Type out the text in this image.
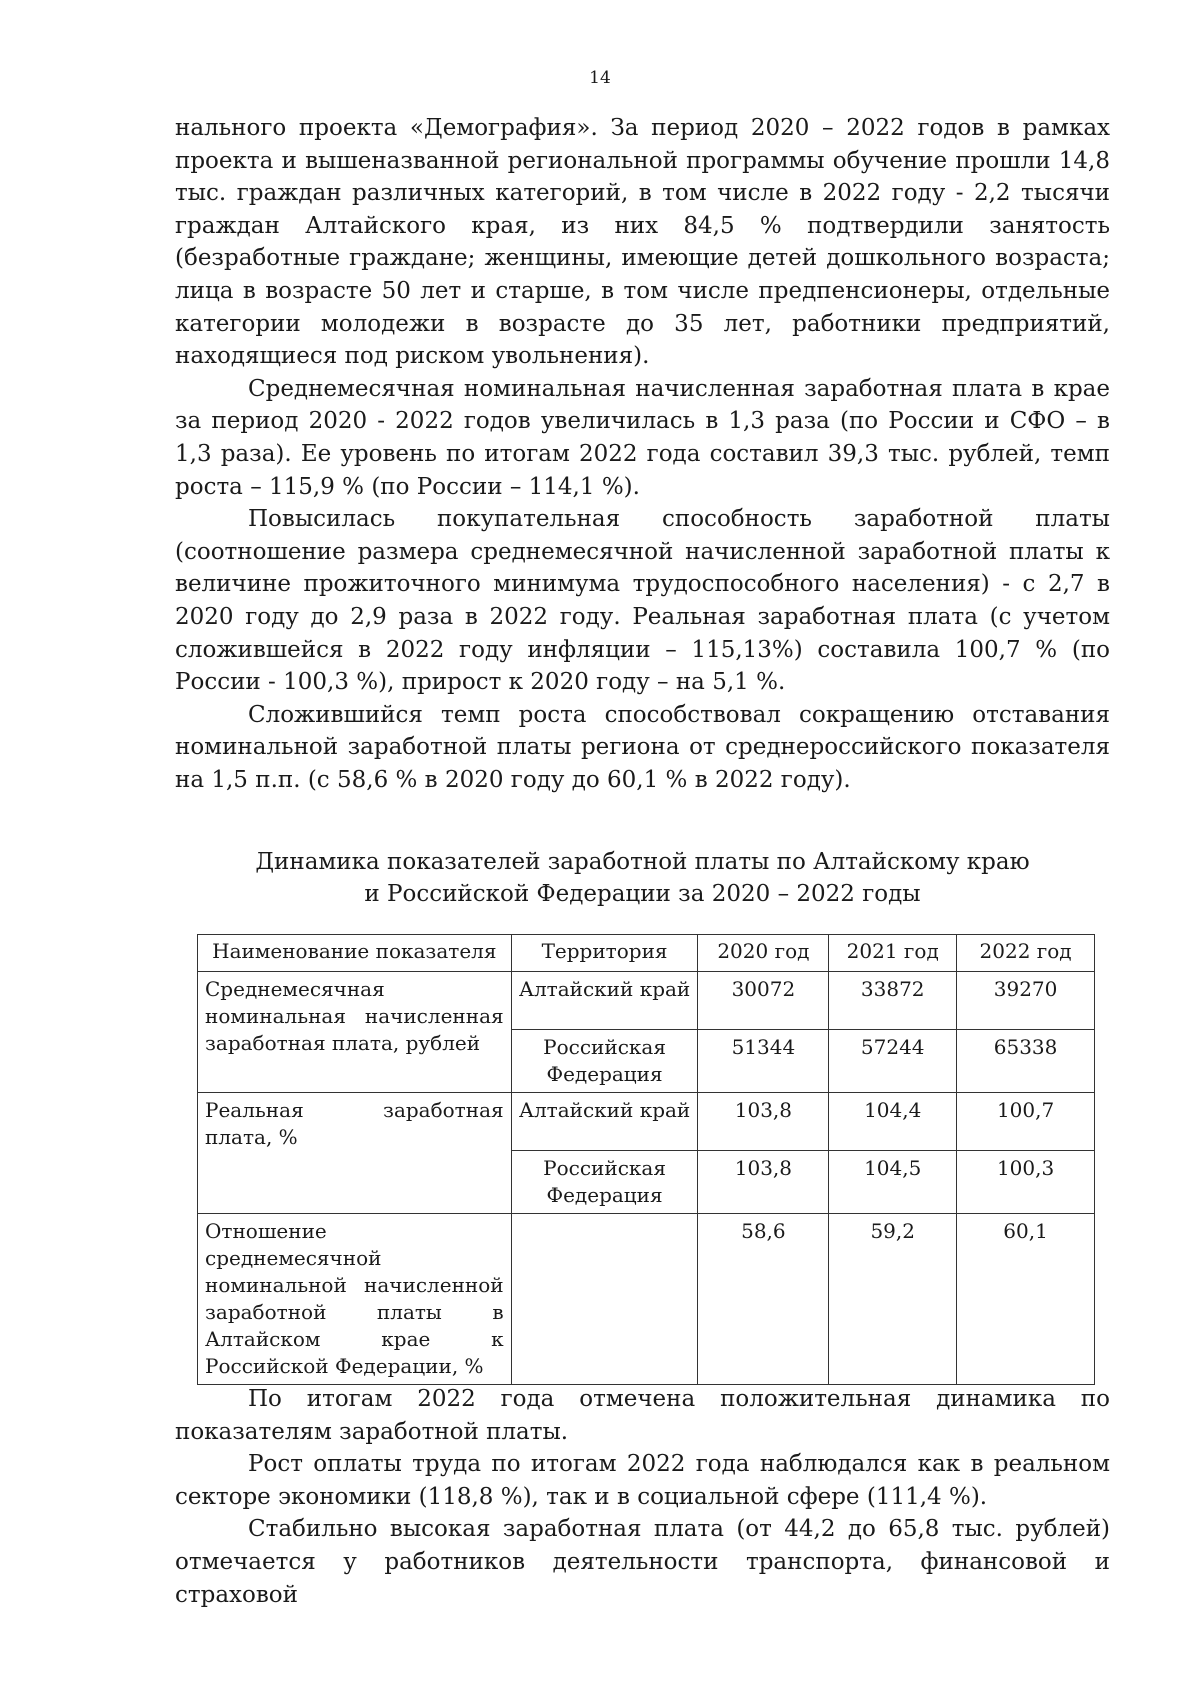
14

нального проекта «Демография». За период 2020 – 2022 годов в рамках проекта и вышеназванной региональной программы обучение прошли 14,8 тыс. граждан различных категорий, в том числе в 2022 году - 2,2 тысячи граждан Алтайского края, из них 84,5 % подтвердили занятость (безработные граждане; женщины, имеющие детей дошкольного возраста; лица в возрасте 50 лет и старше, в том числе предпенсионеры, отдельные категории молодежи в возрасте до 35 лет, работники предприятий, находящиеся под риском увольнения).

Среднемесячная номинальная начисленная заработная плата в крае за период 2020 - 2022 годов увеличилась в 1,3 раза (по России и СФО – в 1,3 раза). Ее уровень по итогам 2022 года составил 39,3 тыс. рублей, темп роста – 115,9 % (по России – 114,1 %).

Повысилась покупательная способность заработной платы (соотношение размера среднемесячной начисленной заработной платы к величине прожиточного минимума трудоспособного населения) - с 2,7 в 2020 году до 2,9 раза в 2022 году. Реальная заработная плата (с учетом сложившейся в 2022 году инфляции – 115,13%) составила 100,7 % (по России - 100,3 %), прирост к 2020 году – на 5,1 %.

Сложившийся темп роста способствовал сокращению отставания номинальной заработной платы региона от среднероссийского показателя на 1,5 п.п. (с 58,6 % в 2020 году до 60,1 % в 2022 году).

Динамика показателей заработной платы по Алтайскому краю
и Российской Федерации за 2020 – 2022 годы
Наименование показателя	Территория	2020 год	2021 год	2022 год
Среднемесячная номинальная начисленная заработная плата, рублей	Алтайский край	30072	33872	39270
	Российская Федерация	51344	57244	65338
Реальная заработная плата, %	Алтайский край	103,8	104,4	100,7
	Российская Федерация	103,8	104,5	100,3
Отношение среднемесячной номинальной начисленной заработной платы в Алтайском крае к Российской Федерации, %		58,6	59,2	60,1

По итогам 2022 года отмечена положительная динамика по показателям заработной платы.

Рост оплаты труда по итогам 2022 года наблюдался как в реальном секторе экономики (118,8 %), так и в социальной сфере (111,4 %).

Стабильно высокая заработная плата (от 44,2 до 65,8 тыс. рублей) отмечается у работников деятельности транспорта, финансовой и страховой
